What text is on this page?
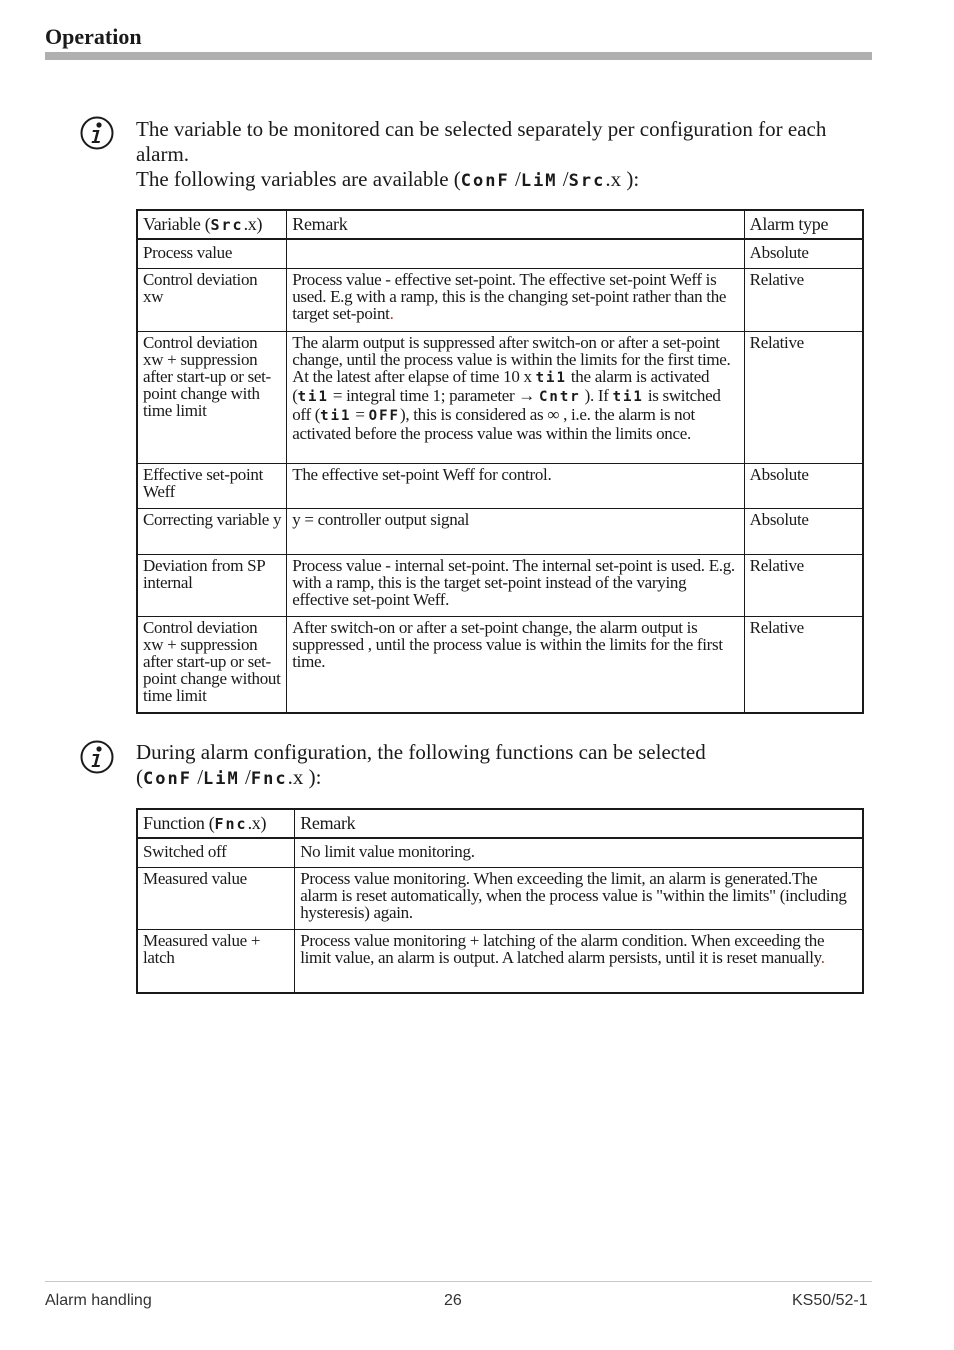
Operation
The variable to be monitored can be selected separately per configuration for each alarm.
The following variables are available (ConF /LiM /Src.x ):
Variable (Src.x)	Remark	Alarm type
Process value		Absolute
Control deviation xw	Process value - effective set-point. The effective set-point Weff is used. E.g with a ramp, this is the changing set-point rather than the target set-point.	Relative
Control deviation xw + suppression after start-up or set-point change with time limit	The alarm output is suppressed after switch-on or after a set-point change, until the process value is within the limits for the first time. At the latest after elapse of time 10 x ti1 the alarm is activated (ti1 = integral time 1; parameter → Cntr ). If ti1 is switched off (ti1 = OFF), this is considered as ∞ , i.e. the alarm is not activated before the process value was within the limits once.	Relative
Effective set-point Weff	The effective set-point Weff for control.	Absolute
Correcting variable y	y = controller output signal	Absolute
Deviation from SP internal	Process value - internal set-point. The internal set-point is used. E.g. with a ramp, this is the target set-point instead of the varying effective set-point Weff.	Relative
Control deviation xw + suppression after start-up or set-point change without time limit	After switch-on or after a set-point change, the alarm output is suppressed , until the process value is within the limits for the first time.	Relative
During alarm configuration, the following functions can be selected
(ConF /LiM /Fnc.x ):
Function (Fnc.x)	Remark
Switched off	No limit value monitoring.
Measured value	Process value monitoring. When exceeding the limit, an alarm is generated.The alarm is reset automatically, when the process value is "within the limits" (including hysteresis) again.
Measured value + latch	Process value monitoring + latching of the alarm condition. When exceeding the limit value, an alarm is output. A latched alarm persists, until it is reset manually.
Alarm handling	26	KS50/52-1
